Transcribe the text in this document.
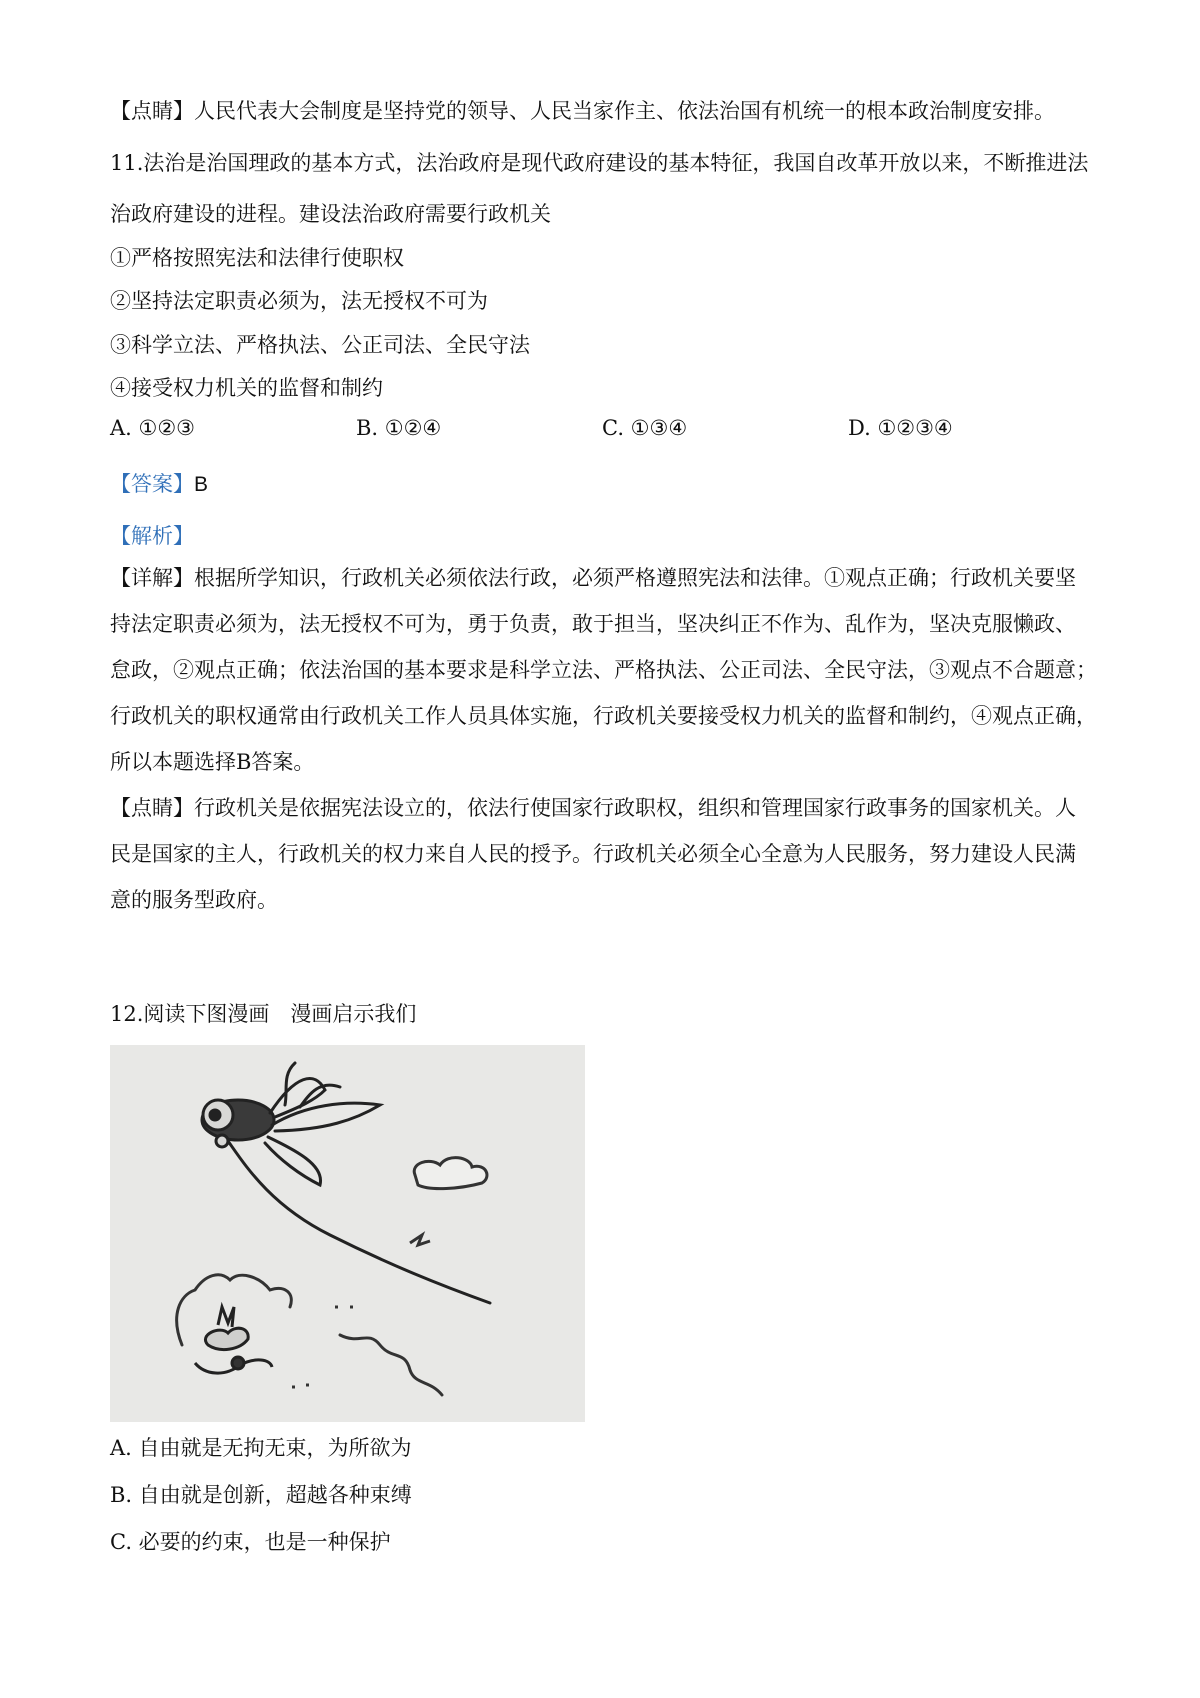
【点睛】人民代表大会制度是坚持党的领导、人民当家作主、依法治国有机统一的根本政治制度安排。
11.法治是治国理政的基本方式，法治政府是现代政府建设的基本特征，我国自改革开放以来，不断推进法
治政府建设的进程。建设法治政府需要行政机关
①严格按照宪法和法律行使职权
②坚持法定职责必须为，法无授权不可为
③科学立法、严格执法、公正司法、全民守法
④接受权力机关的监督和制约
A. ①②③	B. ①②④	C. ①③④	D. ①②③④
【答案】B
【解析】
【详解】根据所学知识，行政机关必须依法行政，必须严格遵照宪法和法律。①观点正确；行政机关要坚
持法定职责必须为，法无授权不可为，勇于负责，敢于担当，坚决纠正不作为、乱作为，坚决克服懒政、
怠政，②观点正确；依法治国的基本要求是科学立法、严格执法、公正司法、全民守法，③观点不合题意；
行政机关的职权通常由行政机关工作人员具体实施，行政机关要接受权力机关的监督和制约，④观点正确，
所以本题选择B答案。
【点睛】行政机关是依据宪法设立的，依法行使国家行政职权，组织和管理国家行政事务的国家机关。人
民是国家的主人，行政机关的权力来自人民的授予。行政机关必须全心全意为人民服务，努力建设人民满
意的服务型政府。
12.阅读下图漫画　漫画启示我们
A. 自由就是无拘无束，为所欲为
B. 自由就是创新，超越各种束缚
C. 必要的约束，也是一种保护
